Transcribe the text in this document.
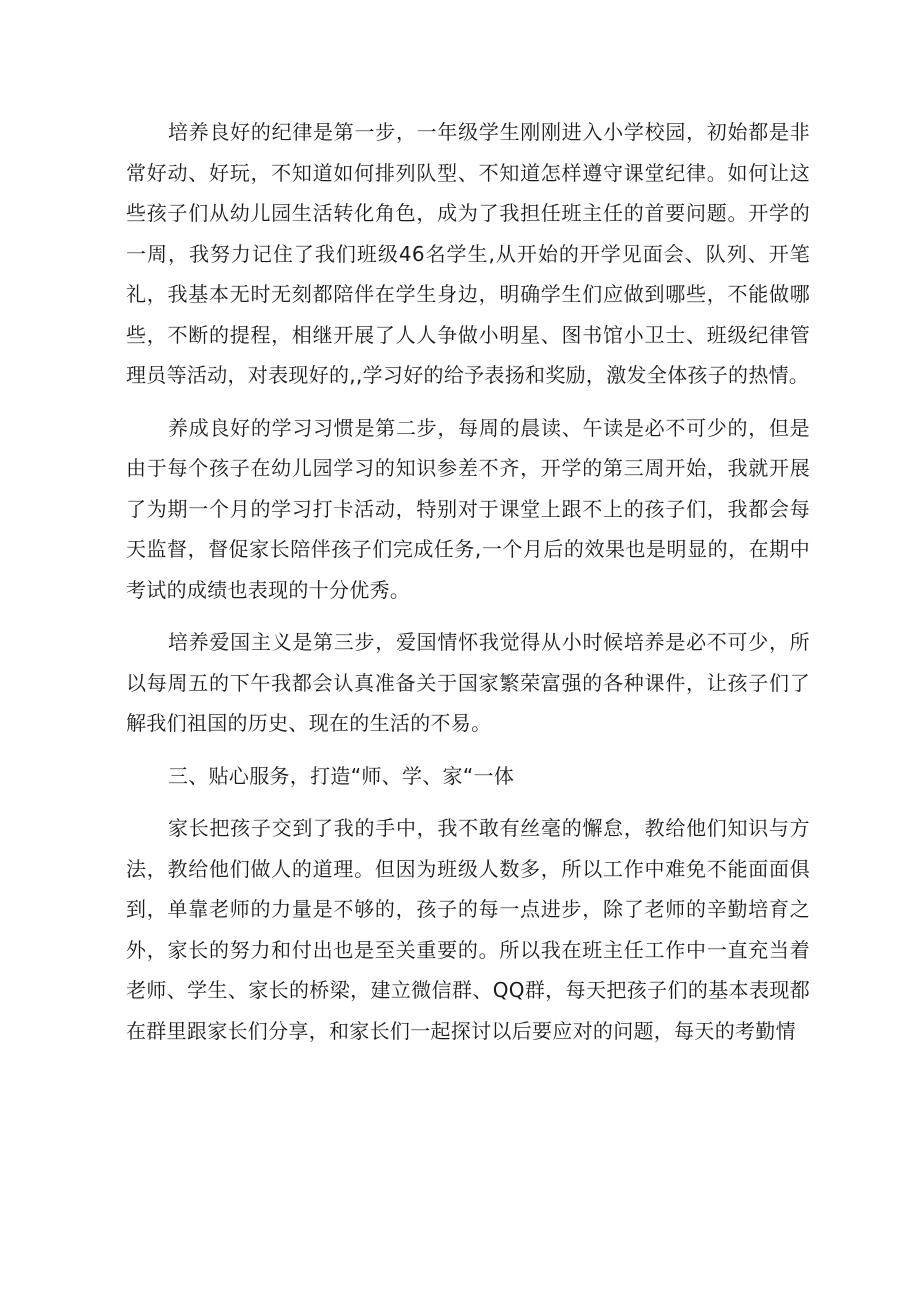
培养良好的纪律是第一步，一年级学生刚刚进入小学校园，初始都是非常好动、好玩，不知道如何排列队型、不知道怎样遵守课堂纪律。如何让这些孩子们从幼儿园生活转化角色，成为了我担任班主任的首要问题。开学的一周，我努力记住了我们班级46名学生,从开始的开学见面会、队列、开笔礼，我基本无时无刻都陪伴在学生身边，明确学生们应做到哪些，不能做哪些，不断的提程，相继开展了人人争做小明星、图书馆小卫士、班级纪律管理员等活动，对表现好的,,学习好的给予表扬和奖励，激发全体孩子的热情。

养成良好的学习习惯是第二步，每周的晨读、午读是必不可少的，但是由于每个孩子在幼儿园学习的知识参差不齐，开学的第三周开始，我就开展了为期一个月的学习打卡活动，特别对于课堂上跟不上的孩子们，我都会每天监督，督促家长陪伴孩子们完成任务,一个月后的效果也是明显的，在期中考试的成绩也表现的十分优秀。

培养爱国主义是第三步，爱国情怀我觉得从小时候培养是必不可少，所以每周五的下午我都会认真准备关于国家繁荣富强的各种课件，让孩子们了解我们祖国的历史、现在的生活的不易。

三、贴心服务，打造“师、学、家“一体

家长把孩子交到了我的手中，我不敢有丝毫的懈怠，教给他们知识与方法，教给他们做人的道理。但因为班级人数多，所以工作中难免不能面面俱到，单靠老师的力量是不够的，孩子的每一点进步，除了老师的辛勤培育之外，家长的努力和付出也是至关重要的。所以我在班主任工作中一直充当着老师、学生、家长的桥梁，建立微信群、QQ群，每天把孩子们的基本表现都在群里跟家长们分享，和家长们一起探讨以后要应对的问题，每天的考勤情
